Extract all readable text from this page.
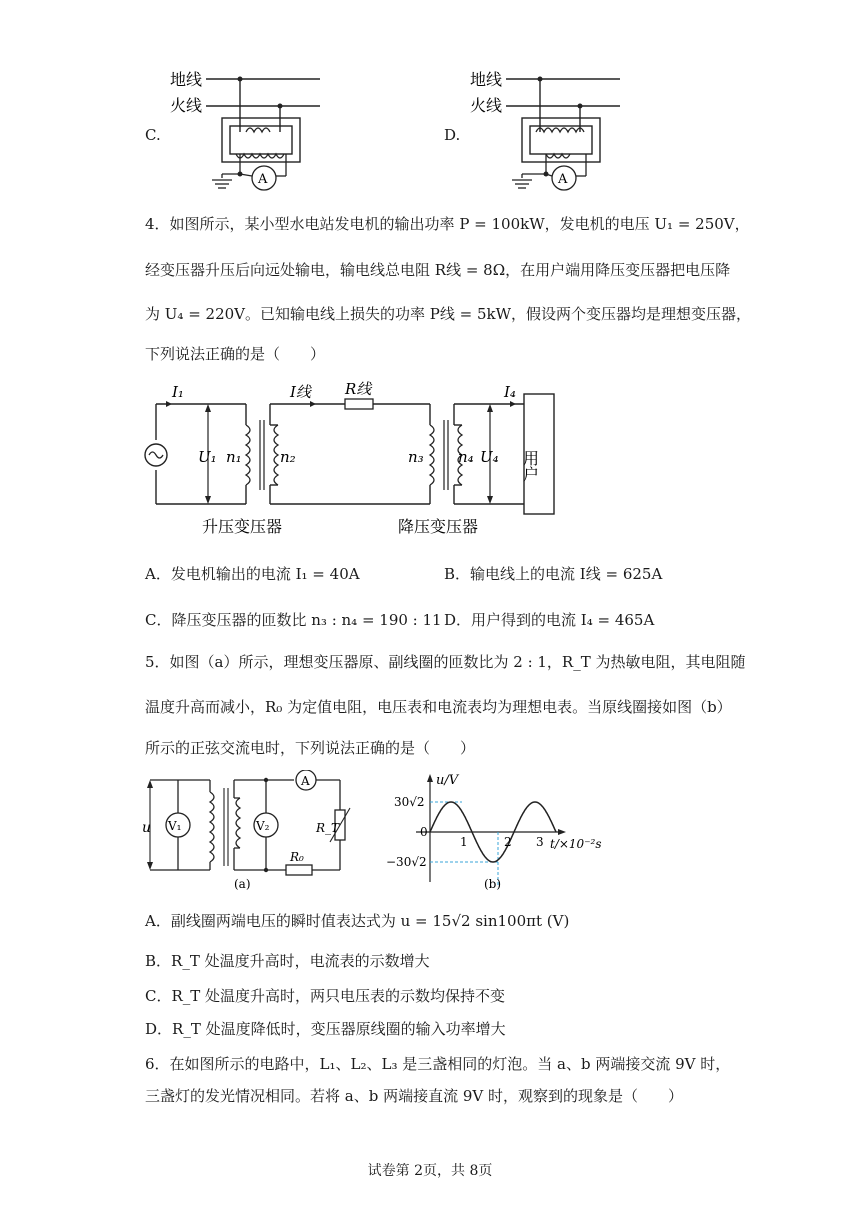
C.
地线
火线
A
D.
地线
火线
A
4．如图所示，某小型水电站发电机的输出功率 P = 100kW，发电机的电压 U₁ = 250V，
经变压器升压后向远处输电，输电线总电阻 R线 = 8Ω，在用户端用降压变压器把电压降
为 U₄ = 220V。已知输电线上损失的功率 P线 = 5kW，假设两个变压器均是理想变压器，
下列说法正确的是（　　）
I₁
U₁ n₁	n₂
I线 R线
n₃ n₄
I₄
U₄ 用户
升压变压器	降压变压器
A．发电机输出的电流 I₁ = 40A	B．输电线上的电流 I线 = 625A
C．降压变压器的匝数比 n₃ : n₄ = 190 : 11 D．用户得到的电流 I₄ = 465A
5．如图（a）所示，理想变压器原、副线圈的匝数比为 2 : 1，R_T 为热敏电阻，其电阻随
温度升高而减小，R₀ 为定值电阻，电压表和电流表均为理想电表。当原线圈接如图（b）
所示的正弦交流电时，下列说法正确的是（　　）
u V₁
A
R_T
R₀
V₂
(a)
u/V
t/×10⁻²s
0
30√2
−30√2
1	2 3
(b)
A．副线圈两端电压的瞬时值表达式为 u = 15√2 sin100πt (V)
B．R_T 处温度升高时，电流表的示数增大
C．R_T 处温度升高时，两只电压表的示数均保持不变
D．R_T 处温度降低时，变压器原线圈的输入功率增大
6．在如图所示的电路中，L₁、L₂、L₃ 是三盏相同的灯泡。当 a、b 两端接交流 9V 时，
三盏灯的发光情况相同。若将 a、b 两端接直流 9V 时，观察到的现象是（　　）
试卷第 2页，共 8页
